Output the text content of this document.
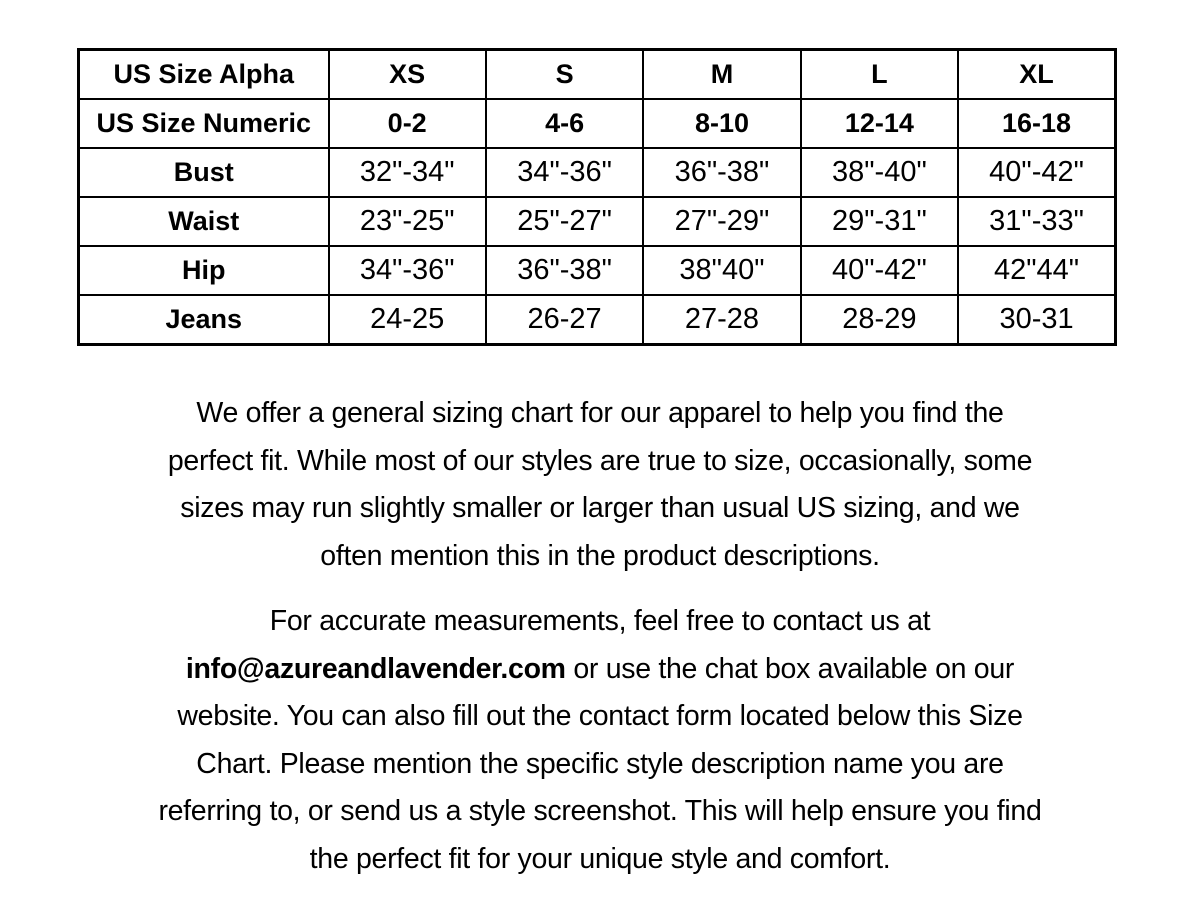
US Size Alpha	XS	S	M	L	XL
US Size Numeric	0-2	4-6	8-10	12-14	16-18
Bust	32"-34"	34"-36"	36"-38"	38"-40"	40"-42"
Waist	23"-25"	25"-27"	27"-29"	29"-31"	31"-33"
Hip	34"-36"	36"-38"	38"40"	40"-42"	42"44"
Jeans	24-25	26-27	27-28	28-29	30-31
We offer a general sizing chart for our apparel to help you find the
perfect fit. While most of our styles are true to size, occasionally, some
sizes may run slightly smaller or larger than usual US sizing, and we
often mention this in the product descriptions.
For accurate measurements, feel free to contact us at
info@azureandlavender.com or use the chat box available on our
website. You can also fill out the contact form located below this Size
Chart. Please mention the specific style description name you are
referring to, or send us a style screenshot. This will help ensure you find
the perfect fit for your unique style and comfort.
